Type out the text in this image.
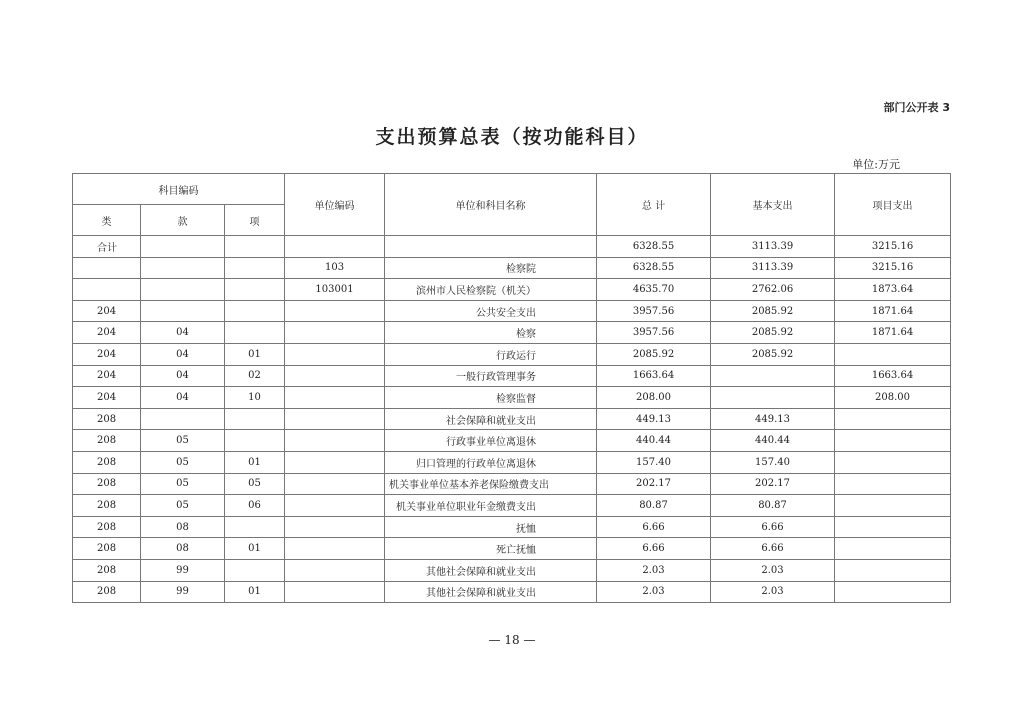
部门公开表 3
支出预算总表（按功能科目）
单位:万元
科目编码			单位编码	单位和科目名称	总 计	基本支出	项目支出
类	款	项					
合计					6328.55	3113.39	3215.16
			103	检察院	6328.55	3113.39	3215.16
			103001	滨州市人民检察院（机关）	4635.70	2762.06	1873.64
204				公共安全支出	3957.56	2085.92	1871.64
204	04			检察	3957.56	2085.92	1871.64
204	04	01		行政运行	2085.92	2085.92	
204	04	02		一般行政管理事务	1663.64		1663.64
204	04	10		检察监督	208.00		208.00
208				社会保障和就业支出	449.13	449.13	
208	05			行政事业单位离退休	440.44	440.44	
208	05	01		归口管理的行政单位离退休	157.40	157.40	
208	05	05		机关事业单位基本养老保险缴费支出	202.17	202.17	
208	05	06		机关事业单位职业年金缴费支出	80.87	80.87	
208	08			抚恤	6.66	6.66	
208	08	01		死亡抚恤	6.66	6.66	
208	99			其他社会保障和就业支出	2.03	2.03	
208	99	01		其他社会保障和就业支出	2.03	2.03	
— 18 —
